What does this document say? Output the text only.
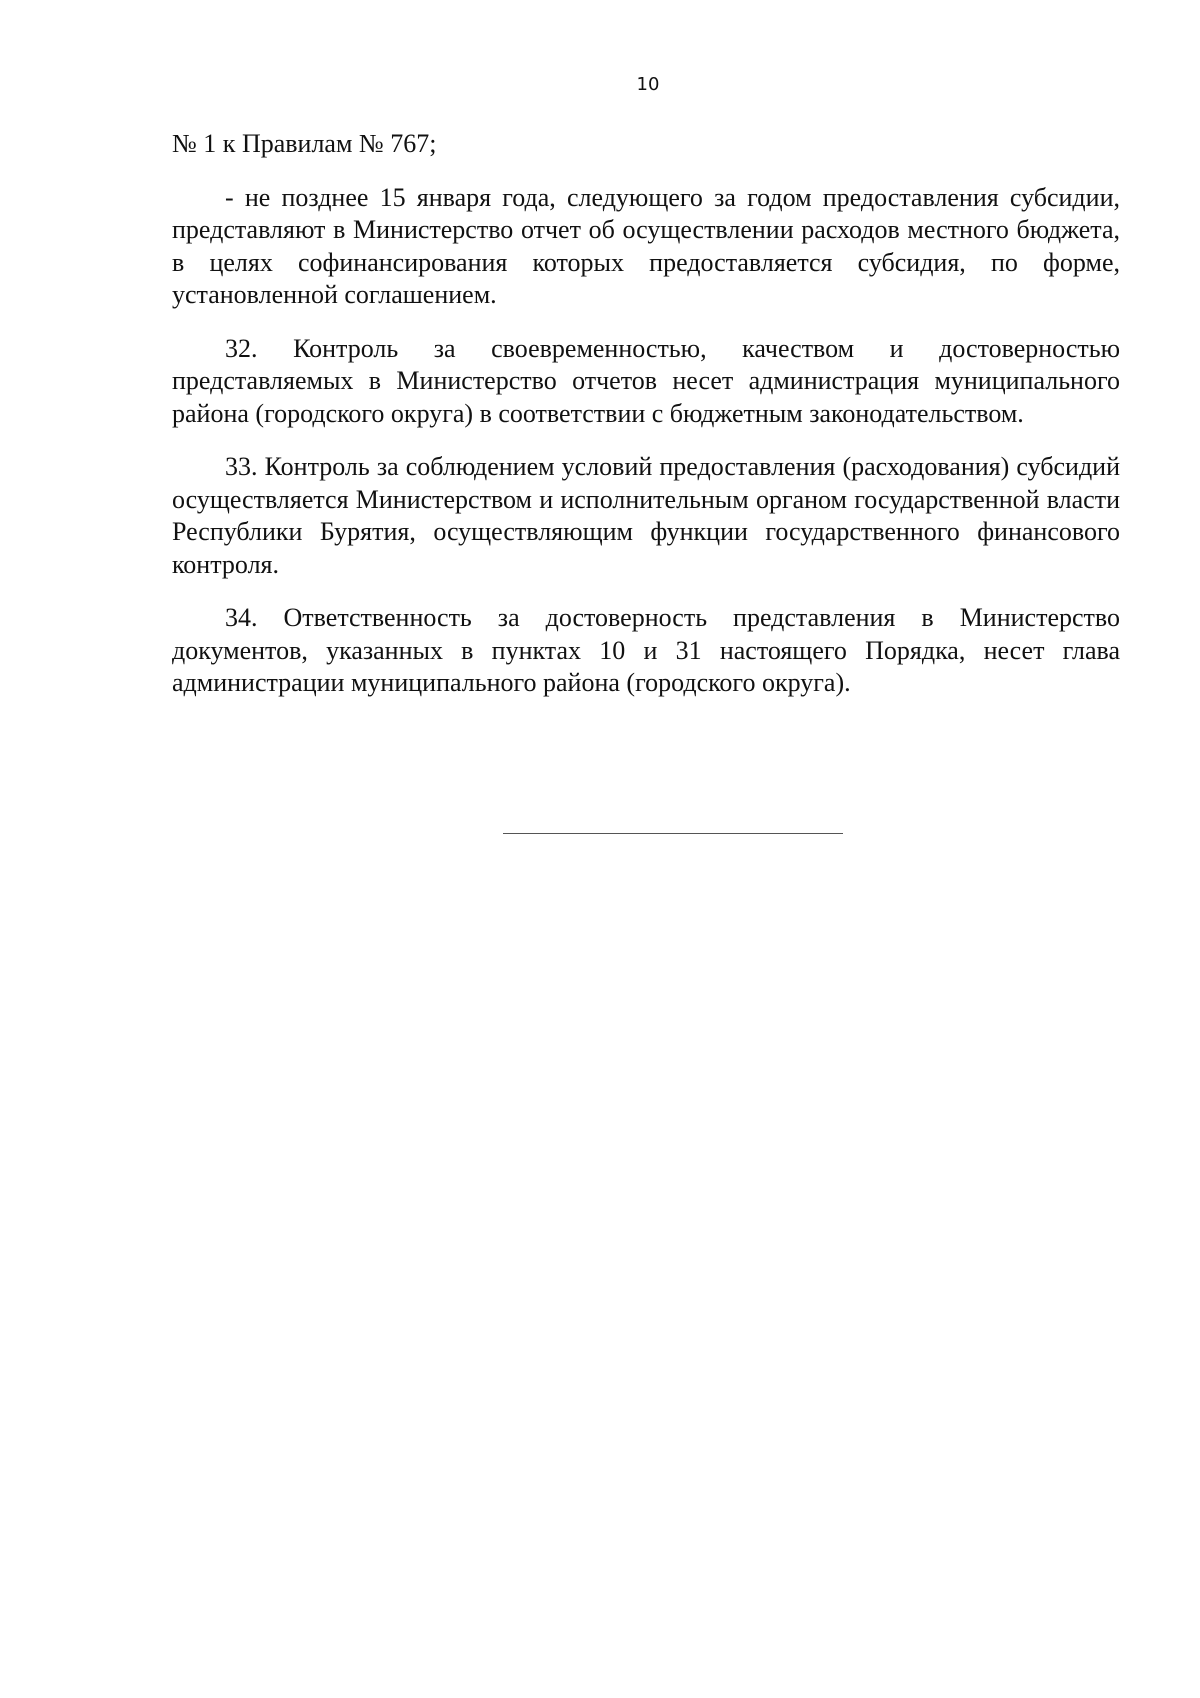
10

№ 1 к Правилам № 767;

- не позднее 15 января года, следующего за годом предоставления субсидии, представляют в Министерство отчет об осуществлении расходов местного бюджета, в целях софинансирования которых предоставляется субсидия, по форме, установленной соглашением.

32. Контроль за своевременностью, качеством и достоверностью представляемых в Министерство отчетов несет администрация муниципального района (городского округа) в соответствии с бюджетным законодательством.

33. Контроль за соблюдением условий предоставления (расходования) субсидий осуществляется Министерством и исполнительным органом государственной власти Республики Бурятия, осуществляющим функции государственного финансового контроля.

34. Ответственность за достоверность представления в Министерство документов, указанных в пунктах 10 и 31 настоящего Порядка, несет глава администрации муниципального района (городского округа).
